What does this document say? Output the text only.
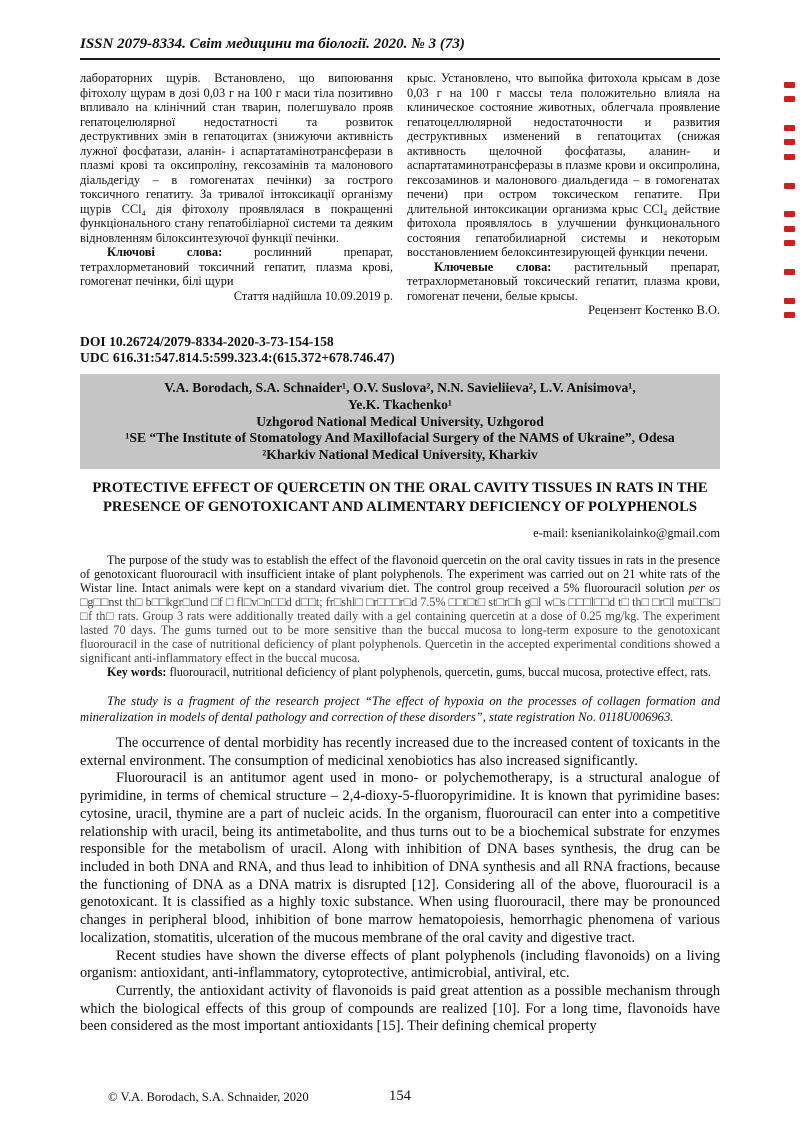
ISSN 2079-8334. Світ медицини та біології. 2020. № 3 (73)

лабораторних щурів. Встановлено, що випоювання фітохолу щурам в дозі 0,03 г на 100 г маси тіла позитивно впливало на клінічний стан тварин, полегшувало прояв гепатоцелюлярної недостатності та розвиток деструктивних змін в гепатоцитах (знижуючи активність лужної фосфатази, аланін- і аспартатамінотрансферази в плазмі крові та оксипроліну, гексозамінів та малонового діальдегіду – в гомогенатах печінки) за гострого токсичного гепатиту. За тривалої інтоксикації організму щурів CCl₄ дія фітохолу проявлялася в покращенні функціонального стану гепатобіліарної системи та деяким відновленням білоксинтезуючої функції печінки.

Ключові слова: рослинний препарат, тетрахлорметановий токсичний гепатит, плазма крові, гомогенат печінки, білі щури

Стаття надійшла 10.09.2019 р.

крыс. Установлено, что выпойка фитохола крысам в дозе 0,03 г на 100 г массы тела положительно влияла на клиническое состояние животных, облегчала проявление гепатоцеллюлярной недостаточности и развития деструктивных изменений в гепатоцитах (снижая активность щелочной фосфатазы, аланин- и аспартатаминотрансферазы в плазме крови и оксипролина, гексозаминов и малонового диальдегида – в гомогенатах печени) при остром токсическом гепатите. При длительной интоксикации организма крыс CCl₄ действие фитохола проявлялось в улучшении функционального состояния гепатобилиарной системы и некоторым восстановлением белоксинтезирующей функции печени.

Ключевые слова: растительный препарат, тетрахлорметановый токсический гепатит, плазма крови, гомогенат печени, белые крысы.

Рецензент Костенко В.О.

DOI 10.26724/2079-8334-2020-3-73-154-158
UDC 616.31:547.814.5:599.323.4:(615.372+678.746.47)
V.A. Borodach, S.A. Schnaider¹, O.V. Suslova², N.N. Savieliieva², L.V. Anisimova¹,
Ye.K. Tkachenko¹
Uzhgorod National Medical University, Uzhgorod
¹SE “The Institute of Stomatology And Maxillofacial Surgery of the NAMS of Ukraine”, Odesa
²Kharkiv National Medical University, Kharkiv
PROTECTIVE EFFECT OF QUERCETIN ON THE ORAL CAVITY TISSUES IN RATS IN THE PRESENCE OF GENOTOXICANT AND ALIMENTARY DEFICIENCY OF POLYPHENOLS
e-mail: ksenianikolainko@gmail.com

The purpose of the study was to establish the effect of the flavonoid quercetin on the oral cavity tissues in rats in the presence of genotoxicant fluorouracil with insufficient intake of plant polyphenols. The experiment was carried out on 21 white rats of the Wistar line. Intact animals were kept on a standard vivarium diet. The control group received a 5% fluorouracil solution per os □g□□nst th□ b□□kgr□und □f □ fl□v□n□□d d□□t; fr□shl□ □r□□□r□d 7.5% □□t□t□ st□r□h g□l w□s □□□l□□d t□ th□ □r□l mu□□s□ □f th□ rats. Group 3 rats were additionally treated daily with a gel containing quercetin at a dose of 0.25 mg/kg. The experiment lasted 70 days. The gums turned out to be more sensitive than the buccal mucosa to long-term exposure to the genotoxicant fluorouracil in the case of nutritional deficiency of plant polyphenols. Quercetin in the accepted experimental conditions showed a significant anti-inflammatory effect in the buccal mucosa.

Key words: fluorouracil, nutritional deficiency of plant polyphenols, quercetin, gums, buccal mucosa, protective effect, rats.

The study is a fragment of the research project “The effect of hypoxia on the processes of collagen formation and mineralization in models of dental pathology and correction of these disorders”, state registration No. 0118U006963.

The occurrence of dental morbidity has recently increased due to the increased content of toxicants in the external environment. The consumption of medicinal xenobiotics has also increased significantly.

Fluorouracil is an antitumor agent used in mono- or polychemotherapy, is a structural analogue of pyrimidine, in terms of chemical structure – 2,4-dioxy-5-fluoropyrimidine. It is known that pyrimidine bases: cytosine, uracil, thymine are a part of nucleic acids. In the organism, fluorouracil can enter into a competitive relationship with uracil, being its antimetabolite, and thus turns out to be a biochemical substrate for enzymes responsible for the metabolism of uracil. Along with inhibition of DNA bases synthesis, the drug can be included in both DNA and RNA, and thus lead to inhibition of DNA synthesis and all RNA fractions, because the functioning of DNA as a DNA matrix is disrupted [12]. Considering all of the above, fluorouracil is a genotoxicant. It is classified as a highly toxic substance. When using fluorouracil, there may be pronounced changes in peripheral blood, inhibition of bone marrow hematopoiesis, hemorrhagic phenomena of various localization, stomatitis, ulceration of the mucous membrane of the oral cavity and digestive tract.

Recent studies have shown the diverse effects of plant polyphenols (including flavonoids) on a living organism: antioxidant, anti-inflammatory, cytoprotective, antimicrobial, antiviral, etc.

Currently, the antioxidant activity of flavonoids is paid great attention as a possible mechanism through which the biological effects of this group of compounds are realized [10]. For a long time, flavonoids have been considered as the most important antioxidants [15]. Their defining chemical property

154
© V.A. Borodach, S.A. Schnaider, 2020
